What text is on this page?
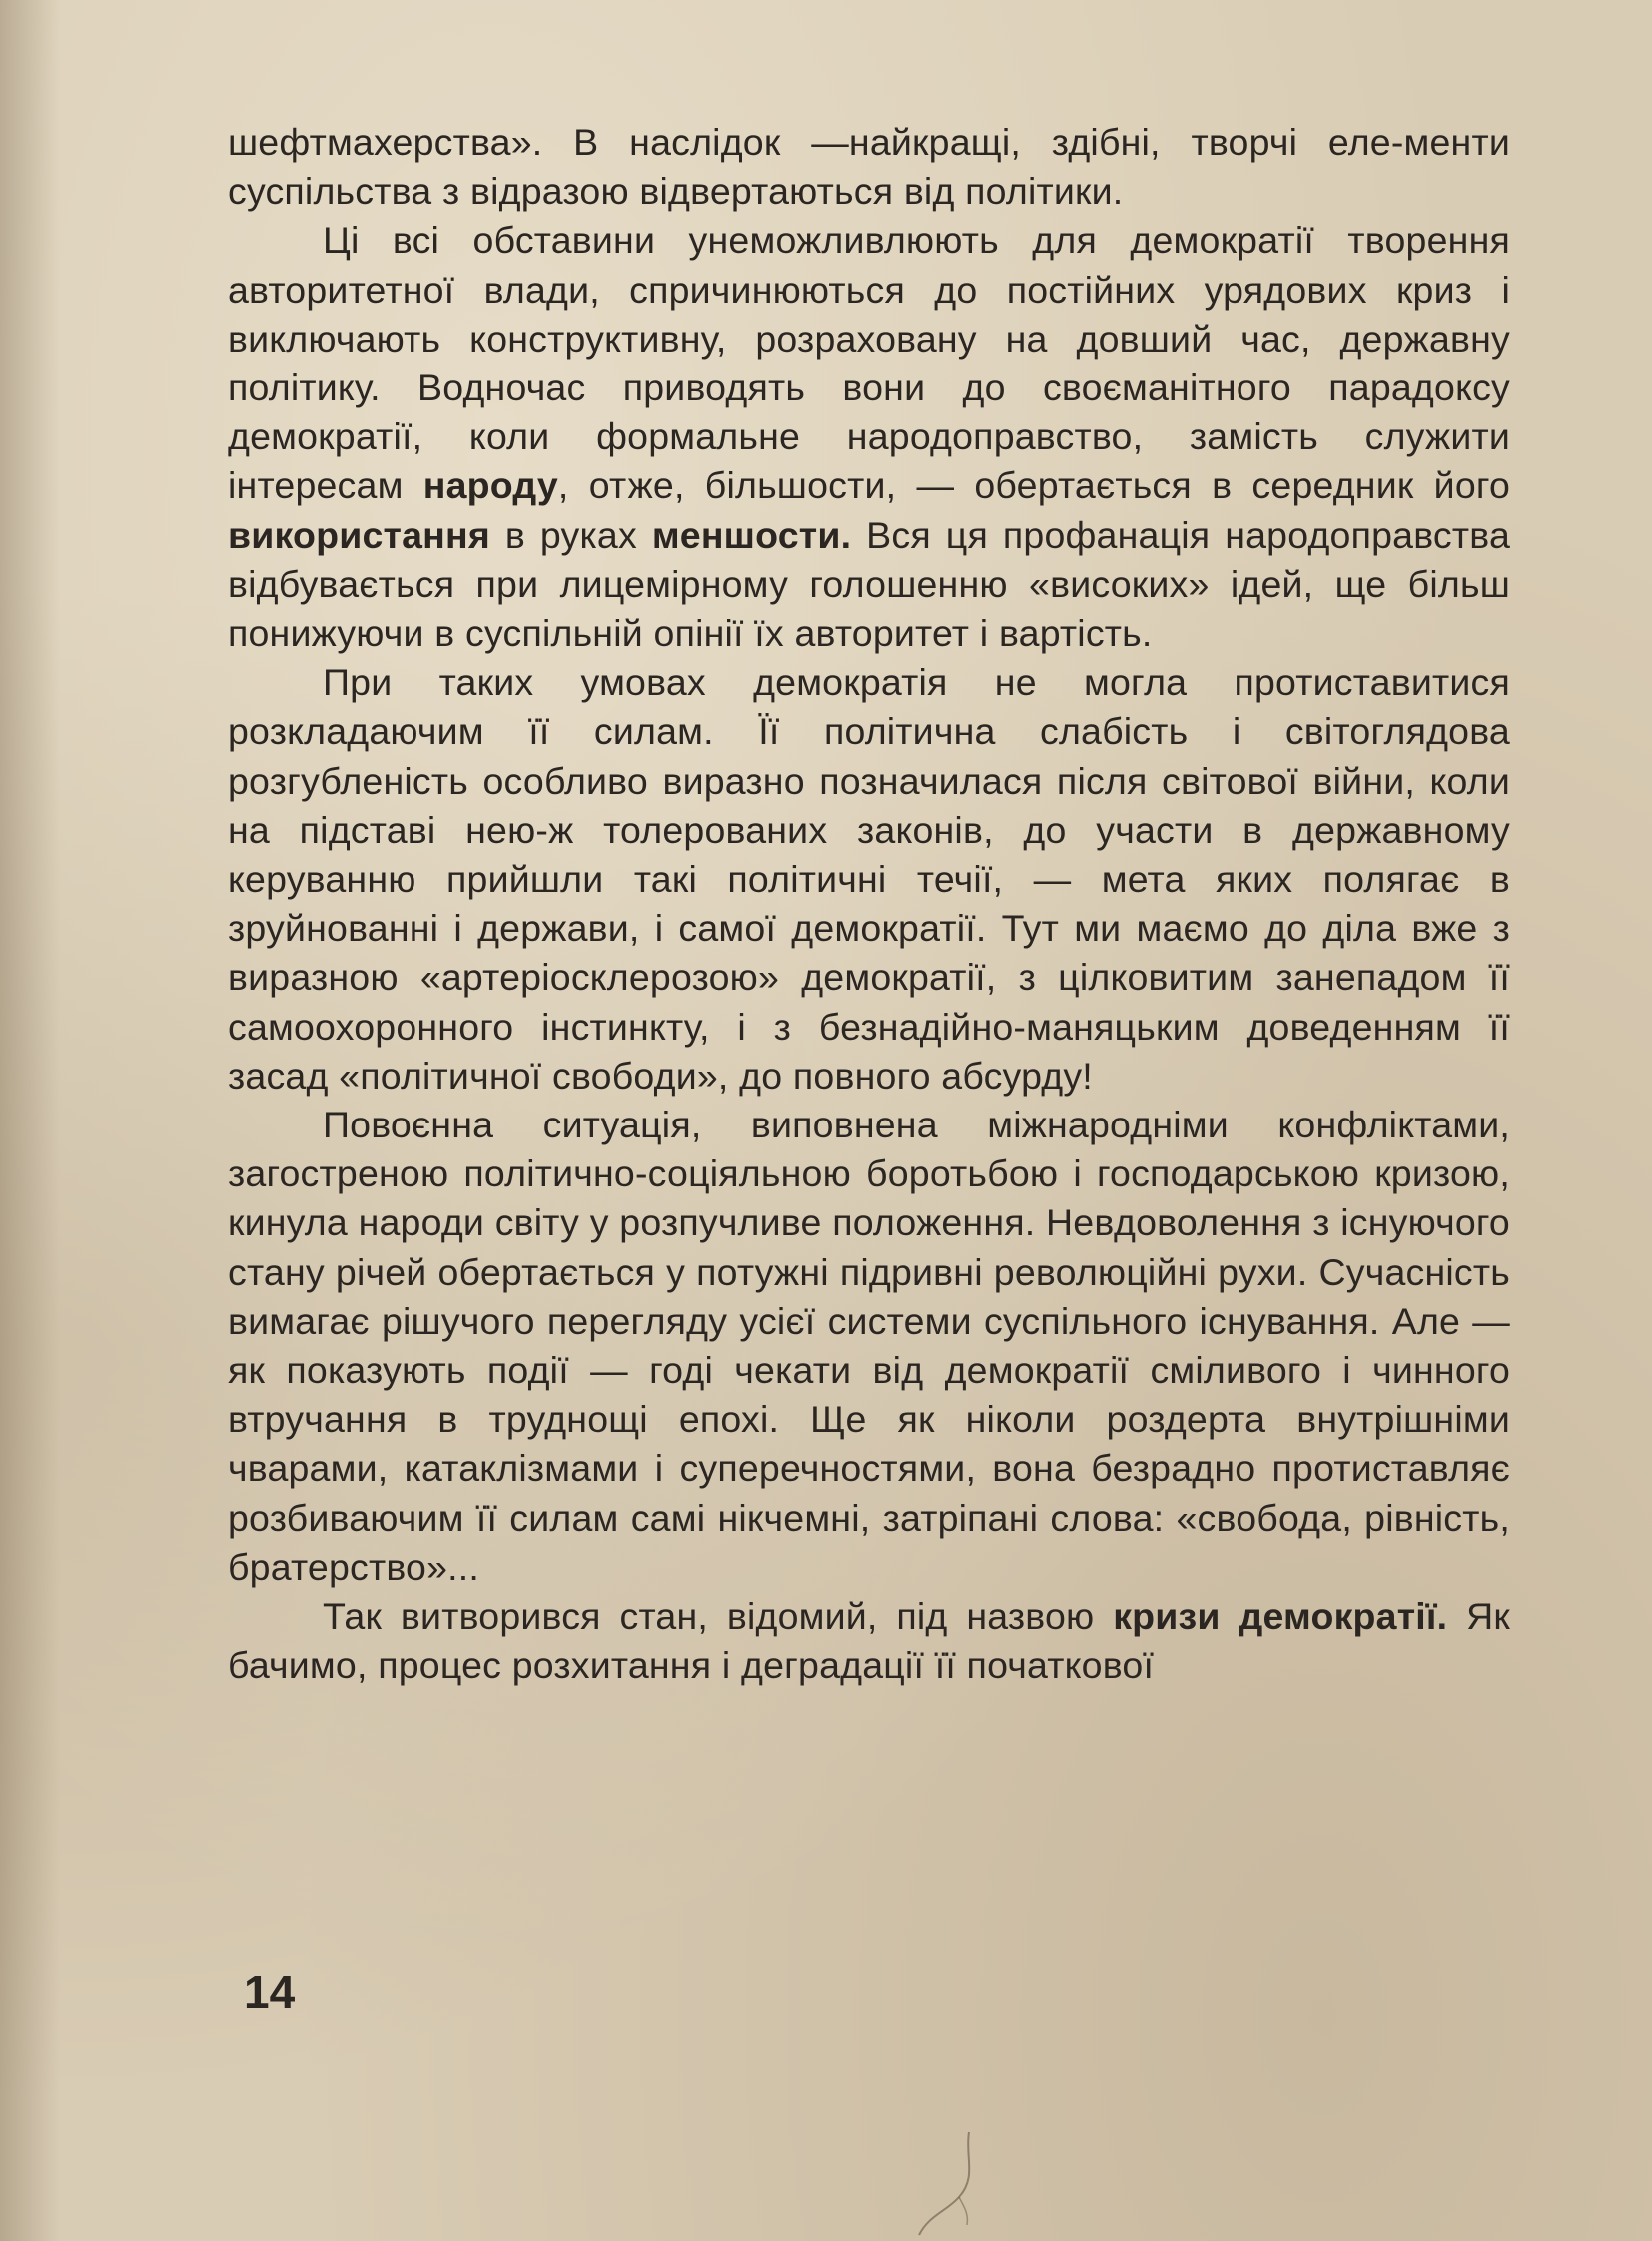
шефтмахерства». В наслідок —найкращі, здібні, творчі еле-менти суспільства з відразою відвертаються від політики.

Ці всі обставини унеможливлюють для демократії творення авторитетної влади, спричинюються до постійних урядових криз і виключають конструктивну, розраховану на довший час, державну політику. Водночас приводять вони до своєманітного парадоксу демократії, коли формальне народоправство, замість служити інтересам народу, отже, більшости, — обертається в середник його використання в руках меншости. Вся ця профанація народоправства відбувається при лицемірному голошенню «високих» ідей, ще більш понижуючи в суспільній опінії їх авторитет і вартість.

При таких умовах демократія не могла протиставитися розкладаючим її силам. Її політична слабість і світоглядова розгубленість особливо виразно позначилася після світової війни, коли на підставі нею-ж толерованих законів, до участи в державному керуванню прийшли такі політичні течії, — мета яких полягає в зруйнованні і держави, і самої демократії. Тут ми маємо до діла вже з виразною «артеріосклерозою» демократії, з цілковитим занепадом її самоохоронного інстинкту, і з безнадійно-маняцьким доведенням її засад «політичної свободи», до повного абсурду!

Повоєнна ситуація, виповнена міжнародніми конфліктами, загостреною політично-соціяльною боротьбою і господарською кризою, кинула народи світу у розпучливе положення. Невдоволення з існуючого стану річей обертається у потужні підривні революційні рухи. Сучасність вимагає рішучого перегляду усієї системи суспільного існування. Але — як показують події — годі чекати від демократії сміливого і чинного втручання в труднощі епохі. Ще як ніколи роздерта внутрішніми чварами, катаклізмами і суперечностями, вона безрадно протиставляє розбиваючим її силам самі нікчемні, затріпані слова: «свобода, рівність, братерство»...

Так витворився стан, відомий, під назвою кризи демократії. Як бачимо, процес розхитання і деградації її початкової

14
